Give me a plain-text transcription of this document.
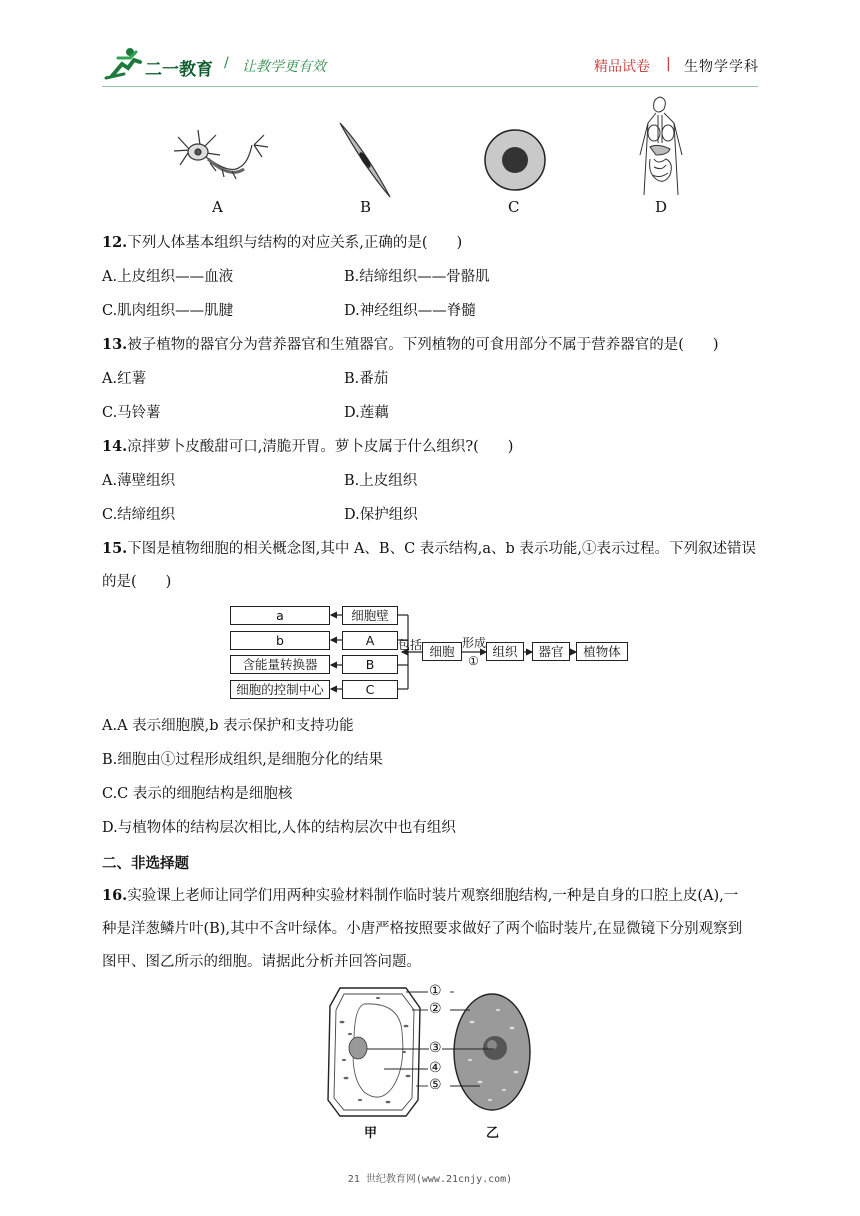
二一教育 / 让教学更有效	精品试卷 | 生物学学科
A	B	C	D
12.下列人体基本组织与结构的对应关系,正确的是(　　)
A.上皮组织——血液	B.结缔组织——骨骼肌
C.肌肉组织——肌腱	D.神经组织——脊髓
13.被子植物的器官分为营养器官和生殖器官。下列植物的可食用部分不属于营养器官的是(　　)
A.红薯	B.番茄
C.马铃薯	D.莲藕
14.凉拌萝卜皮酸甜可口,清脆开胃。萝卜皮属于什么组织?(　　)
A.薄壁组织	B.上皮组织
C.结缔组织	D.保护组织
15.下图是植物细胞的相关概念图,其中 A、B、C 表示结构,a、b 表示功能,①表示过程。下列叙述错误
的是(　　)
a
b
含能量转换器
细胞的控制中心
细胞壁
A
B
C
包括 细胞
形成
①
组织	器官	植物体
A.A 表示细胞膜,b 表示保护和支持功能
B.细胞由①过程形成组织,是细胞分化的结果
C.C 表示的细胞结构是细胞核
D.与植物体的结构层次相比,人体的结构层次中也有组织
二、非选择题
16.实验课上老师让同学们用两种实验材料制作临时装片观察细胞结构,一种是自身的口腔上皮(A),一
种是洋葱鳞片叶(B),其中不含叶绿体。小唐严格按照要求做好了两个临时装片,在显微镜下分别观察到
图甲、图乙所示的细胞。请据此分析并回答问题。
①
②
③
④
⑤
甲	乙
21 世纪教育网(www.21cnjy.com)
